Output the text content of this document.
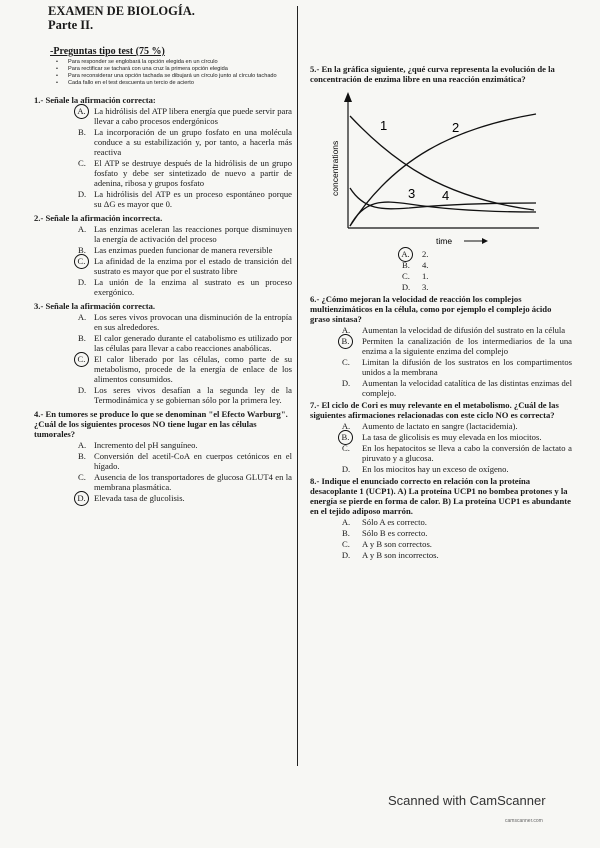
EXAMEN DE BIOLOGÍA.
Parte II.
-Preguntas tipo test (75 %)
• Para responder se englobará la opción elegida en un círculo
• Para rectificar se tachará con una cruz la primera opción elegida
• Para reconsiderar una opción tachada se dibujará un círculo junto al círculo tachado
• Cada fallo en el test descuenta un tercio de acierto
1.- Señale la afirmación correcta:
A. La hidrólisis del ATP libera energía que puede servir para llevar a cabo procesos endergónicos
B. La incorporación de un grupo fosfato en una molécula conduce a su estabilización y, por tanto, a hacerla más reactiva
C. El ATP se destruye después de la hidrólisis de un grupo fosfato y debe ser sintetizado de nuevo a partir de adenina, ribosa y grupos fosfato
D. La hidrólisis del ATP es un proceso espontáneo porque su ΔG es mayor que 0.
2.- Señale la afirmación incorrecta.
A. Las enzimas aceleran las reacciones porque disminuyen la energía de activación del proceso
B. Las enzimas pueden funcionar de manera reversible
C. La afinidad de la enzima por el estado de transición del sustrato es mayor que por el sustrato libre
D. La unión de la enzima al sustrato es un proceso exergónico.
3.- Señale la afirmación correcta.
A. Los seres vivos provocan una disminución de la entropía en sus alrededores.
B. El calor generado durante el catabolismo es utilizado por las células para llevar a cabo reacciones anabólicas.
C. El calor liberado por las células, como parte de su metabolismo, procede de la energía de enlace de los alimentos consumidos.
D. Los seres vivos desafían a la segunda ley de la Termodinámica y se gobiernan sólo por la primera ley.
4.- En tumores se produce lo que se denominan "el Efecto Warburg". ¿Cuál de los siguientes procesos NO tiene lugar en las células tumorales?
A. Incremento del pH sanguíneo.
B. Conversión del acetil-CoA en cuerpos cetónicos en el hígado.
C. Ausencia de los transportadores de glucosa GLUT4 en la membrana plasmática.
D. Elevada tasa de glucolisis.
5.- En la gráfica siguiente, ¿qué curva representa la evolución de la concentración de enzima libre en una reacción enzimática?
1	2
3 4
concentrations
time
A.	2.
B. 4.
C. 1.
D. 3.
6.- ¿Cómo mejoran la velocidad de reacción los complejos multienzimáticos en la célula, como por ejemplo el complejo ácido graso sintasa?
A. Aumentan la velocidad de difusión del sustrato en la célula
B.	Permiten la canalización de los intermediarios de la una enzima a la siguiente enzima del complejo
C. Limitan la difusión de los sustratos en los compartimentos unidos a la membrana
D. Aumentan la velocidad catalítica de las distintas enzimas del complejo.
7.- El ciclo de Cori es muy relevante en el metabolismo. ¿Cuál de las siguientes afirmaciones relacionadas con este ciclo NO es correcta?
A. Aumento de lactato en sangre (lactacidemia).
B.	La tasa de glicolisis es muy elevada en los miocitos.
C. En los hepatocitos se lleva a cabo la conversión de lactato a piruvato y a glucosa.
D. En los miocitos hay un exceso de oxígeno.
8.- Indique el enunciado correcto en relación con la proteína desacoplante 1 (UCP1). A) La proteína UCP1 no bombea protones y la energía se pierde en forma de calor. B) La proteína UCP1 es abundante en el tejido adiposo marrón.
A. Sólo A es correcto.
B. Sólo B es correcto.
C. A y B son correctos.
D. A y B son incorrectos.
Scanned with CamScanner
camscanner.com
